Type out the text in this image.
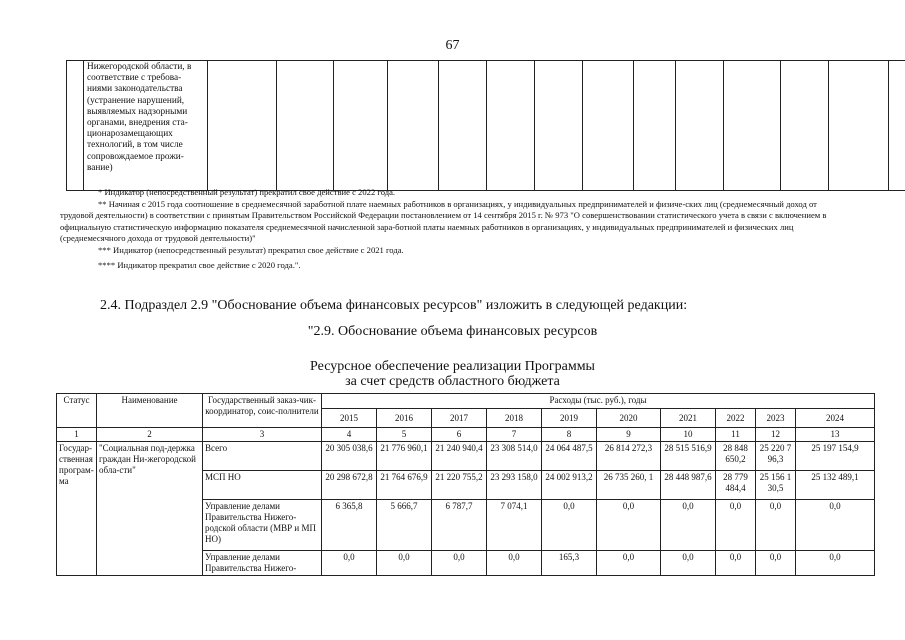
67

Нижегородской области, в соответствие с требова-ниями законодательства (устранение нарушений, выявляемых надзорными органами, внедрения ста-ционарозамещающих технологий, в том числе сопровождаемое прожи-вание)

* Индикатор (непосредственный результат) прекратил свое действие с 2022 года.

** Начиная с 2015 года соотношение в среднемесячной заработной плате наемных работников в организациях, у индивидуальных предпринимателей и физиче-ских лиц (среднемесячный доход от трудовой деятельности) в соответствии с принятым Правительством Российской Федерации постановлением от 14 сентября 2015 г. № 973 "О совершенствовании статистического учета в связи с включением в официальную статистическую информацию показателя среднемесячной начисленной зара-ботной платы наемных работников в организациях, у индивидуальных предпринимателей и физических лиц (среднемесячного дохода от трудовой деятельности)"

*** Индикатор (непосредственный результат) прекратил свое действие с 2021 года.

**** Индикатор прекратил свое действие с 2020 года.".

2.4. Подраздел 2.9 "Обоснование объема финансовых ресурсов" изложить в следующей редакции:
"2.9. Обоснование объема финансовых ресурсов
Ресурсное обеспечение реализации Программы
за счет средств областного бюджета
Статус	Наименование	Государственный заказ-чик-координатор, соис-полнители	Расходы (тыс. руб.), годы									
			2015	2016	2017	2018	2019	2020	2021	2022	2023	2024
1	2	3	4	5	6	7	8	9	10	11	12	13
Государ-ственная програм-ма	"Социальная под-держка граждан Ни-жегородской обла-сти"	Всего	20 305 038,6	21 776 960,1	21 240 940,4	23 308 514,0	24 064 487,5	26 814 272,3	28 515 516,9	28 848 650,2	25 220 7 96,3	25 197 154,9
		МСП НО	20 298 672,8	21 764 676,9	21 220 755,2	23 293 158,0	24 002 913,2	26 735 260, 1	28 448 987,6	28 779 484,4	25 156 1 30,5	25 132 489,1
		Управление делами Правительства Нижего-родской области (МВР и МП НО)	6 365,8	5 666,7	6 787,7	7 074,1	0,0	0,0	0,0	0,0	0,0	0,0
		Управление делами Правительства Нижего-	0,0	0,0	0,0	0,0	165,3	0,0	0,0	0,0	0,0	0,0
